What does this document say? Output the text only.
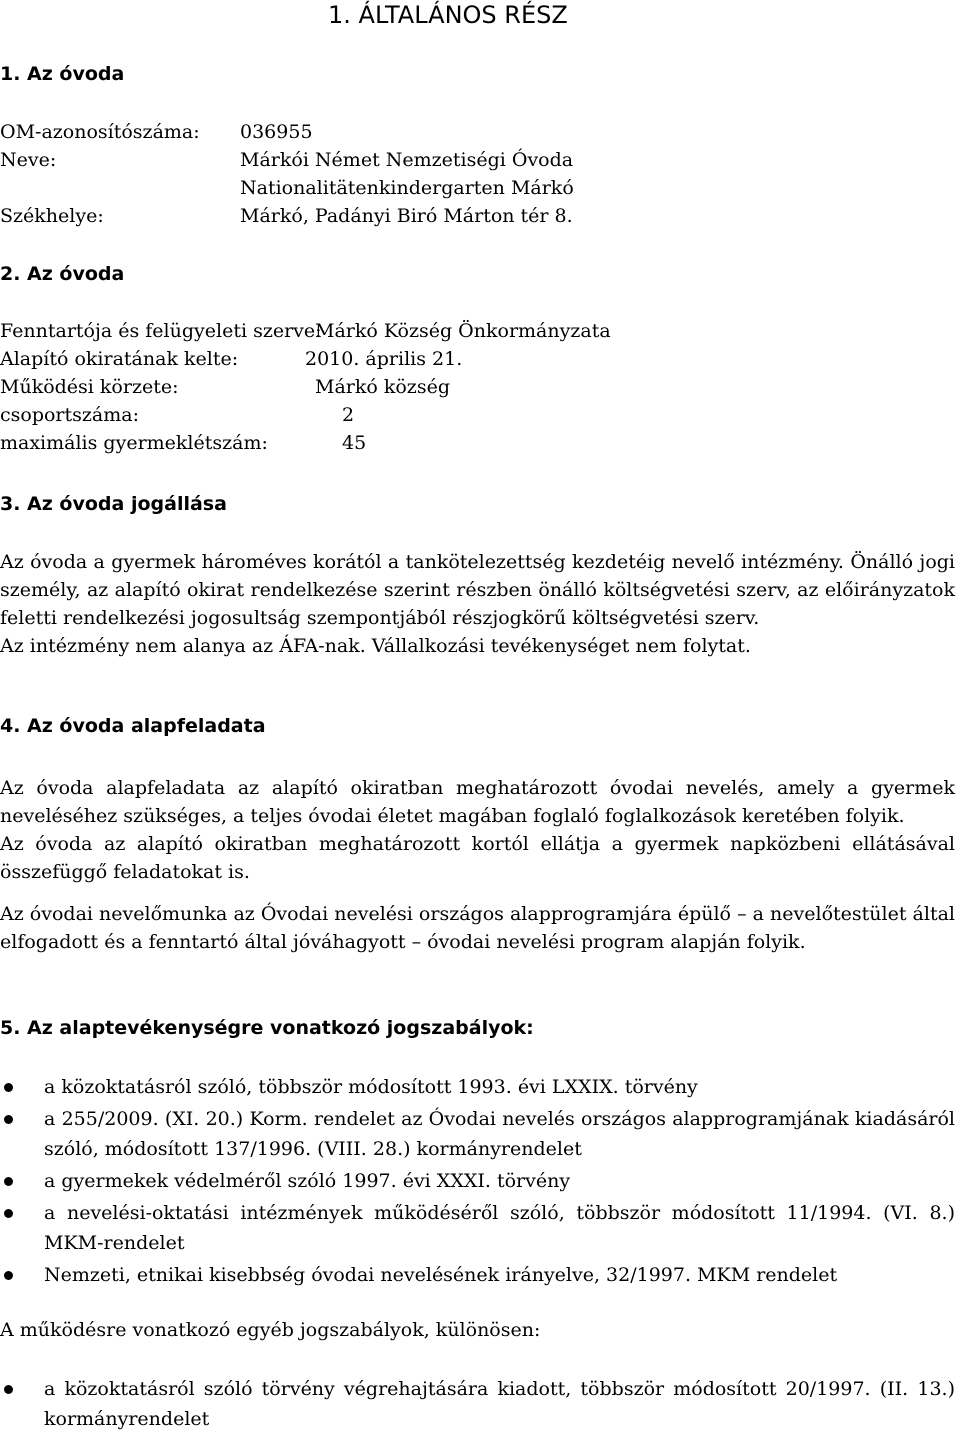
1. ÁLTALÁNOS RÉSZ
1. Az óvoda
OM-azonosítószáma: 036955
Neve:	Márkói Német Nemzetiségi Óvoda
Nationalitätenkindergarten Márkó
Székhelye:	Márkó, Padányi Biró Márton tér 8.
2. Az óvoda
Fenntartója és felügyeleti szerve:
Márkó Község Önkormányzata
Alapító okiratának kelte:	2010. április 21.
Működési körzete:	Márkó község
csoportszáma:	2
maximális gyermeklétszám:	45
3. Az óvoda jogállása

Az óvoda a gyermek hároméves korától a tankötelezettség kezdetéig nevelő intézmény. Önálló jogi személy, az alapító okirat rendelkezése szerint részben önálló költségvetési szerv, az előirányzatok feletti rendelkezési jogosultság szempontjából részjogkörű költségvetési szerv.

Az intézmény nem alanya az ÁFA-nak. Vállalkozási tevékenységet nem folytat.

4. Az óvoda alapfeladata

Az óvoda alapfeladata az alapító okiratban meghatározott óvodai nevelés, amely a gyermek neveléséhez szükséges, a teljes óvodai életet magában foglaló foglalkozások keretében folyik.

Az óvoda az alapító okiratban meghatározott kortól ellátja a gyermek napközbeni ellátásával összefüggő feladatokat is.

Az óvodai nevelőmunka az Óvodai nevelési országos alapprogramjára épülő – a nevelőtestület által elfogadott és a fenntartó által jóváhagyott – óvodai nevelési program alapján folyik.

5. Az alaptevékenységre vonatkozó jogszabályok:
a közoktatásról szóló, többször módosított 1993. évi LXXIX. törvény
a 255/2009. (XI. 20.) Korm. rendelet az Óvodai nevelés országos alapprogramjának kiadásáról szóló, módosított 137/1996. (VIII. 28.) kormányrendelet
a gyermekek védelméről szóló 1997. évi XXXI. törvény
a nevelési-oktatási intézmények működéséről szóló, többször módosított 11/1994. (VI. 8.) MKM-rendelet
Nemzeti, etnikai kisebbség óvodai nevelésének irányelve, 32/1997. MKM rendelet

A működésre vonatkozó egyéb jogszabályok, különösen:

a közoktatásról szóló törvény végrehajtására kiadott, többször módosított 20/1997. (II. 13.) kormányrendelet
